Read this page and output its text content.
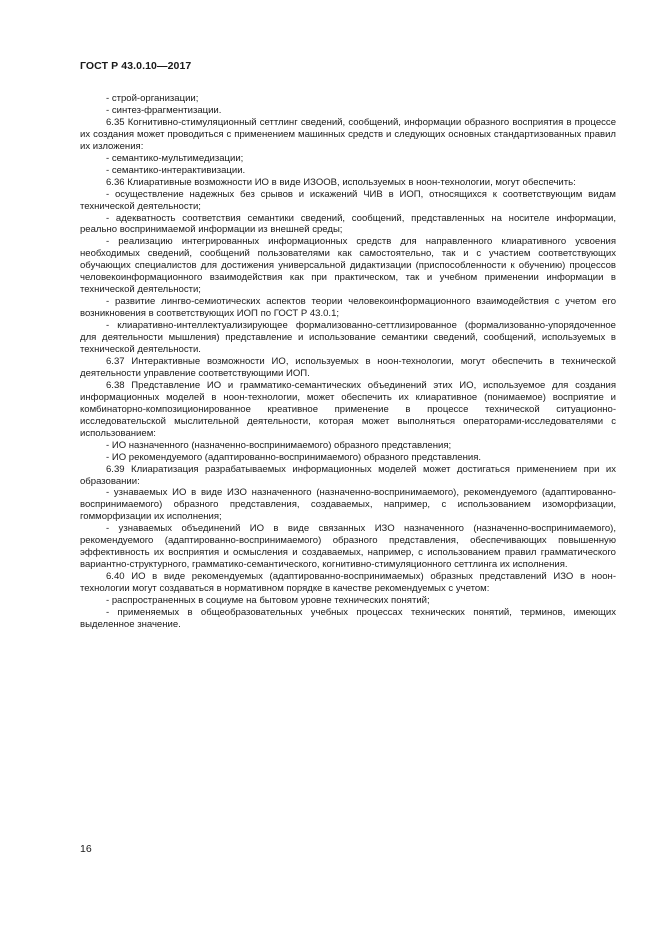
ГОСТ Р 43.0.10—2017

- строй-организации;

- синтез-фрагментизации.

6.35 Когнитивно-стимуляционный сеттлинг сведений, сообщений, информации образного восприятия в процессе их создания может проводиться с применением машинных средств и следующих основных стандартизованных правил их изложения:

- семантико-мультимедизации;

- семантико-интерактивизации.

6.36 Клиаративные возможности ИО в виде ИЗООВ, используемых в ноон-технологии, могут обеспечить:

- осуществление надежных без срывов и искажений ЧИВ в ИОП, относящихся к соответствующим видам технической деятельности;

- адекватность соответствия семантики сведений, сообщений, представленных на носителе информации, реально воспринимаемой информации из внешней среды;

- реализацию интегрированных информационных средств для направленного клиаративного усвоения необходимых сведений, сообщений пользователями как самостоятельно, так и с участием соответствующих обучающих специалистов для достижения универсальной дидактизации (приспособленности к обучению) процессов человекоинформационного взаимодействия как при практическом, так и учебном применении информации в технической деятельности;

- развитие лингво-семиотических аспектов теории человекоинформационного взаимодействия с учетом его возникновения в соответствующих ИОП по ГОСТ Р 43.0.1;

- клиаративно-интеллектуализирующее формализованно-сеттлизированное (формализованно-упорядоченное для деятельности мышления) представление и использование семантики сведений, сообщений, используемых в технической деятельности.

6.37 Интерактивные возможности ИО, используемых в ноон-технологии, могут обеспечить в технической деятельности управление соответствующими ИОП.

6.38 Представление ИО и грамматико-семантических объединений этих ИО, используемое для создания информационных моделей в ноон-технологии, может обеспечить их клиаративное (понимаемое) восприятие и комбинаторно-композиционированное креативное применение в процессе технической ситуационно-исследовательской мыслительной деятельности, которая может выполняться операторами-исследователями с использованием:

- ИО назначенного (назначенно-воспринимаемого) образного представления;

- ИО рекомендуемого (адаптированно-воспринимаемого) образного представления.

6.39 Клиаратизация разрабатываемых информационных моделей может достигаться применением при их образовании:

- узнаваемых ИО в виде ИЗО назначенного (назначенно-воспринимаемого), рекомендуемого (адаптированно-воспринимаемого) образного представления, создаваемых, например, с использованием изоморфизации, гомморфизации их исполнения;

- узнаваемых объединений ИО в виде связанных ИЗО назначенного (назначенно-воспринимаемого), рекомендуемого (адаптированно-воспринимаемого) образного представления, обеспечивающих повышенную эффективность их восприятия и осмысления и создаваемых, например, с использованием правил грамматического вариантно-структурного, грамматико-семантического, когнитивно-стимуляционного сеттлинга их исполнения.

6.40 ИО в виде рекомендуемых (адаптированно-воспринимаемых) образных представлений ИЗО в ноон-технологии могут создаваться в нормативном порядке в качестве рекомендуемых с учетом:

- распространенных в социуме на бытовом уровне технических понятий;

- применяемых в общеобразовательных учебных процессах технических понятий, терминов, имеющих выделенное значение.

16
